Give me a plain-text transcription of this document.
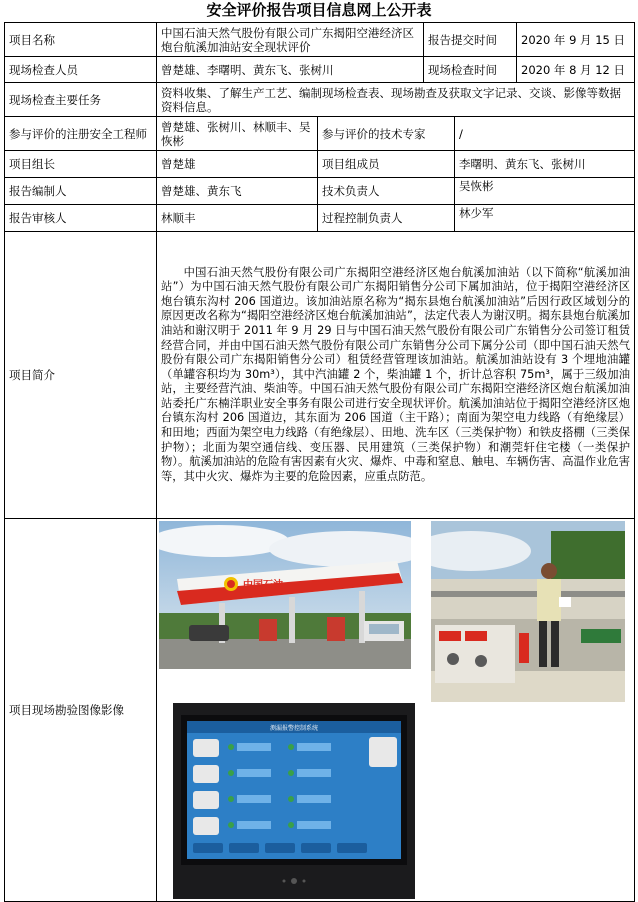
安全评价报告项目信息网上公开表
项目名称	中国石油天然气股份有限公司广东揭阳空港经济区炮台航溪加油站安全现状评价		报告提交时间		2020 年 9 月 15 日
现场检查人员	曾楚雄、李曙明、黄东飞、张树川		现场检查时间		2020 年 8 月 12 日
现场检查主要任务	资料收集、了解生产工艺、编制现场检查表、现场勘查及获取文字记录、交谈、影像等数据资料信息。				
参与评价的注册安全工程师	曾楚雄、张树川、林顺丰、吴恢彬	参与评价的技术专家		/	
项目组长	曾楚雄	项目组成员		李曙明、黄东飞、张树川	
报告编制人	曾楚雄、黄东飞	技术负责人		吴恢彬	
报告审核人	林顺丰	过程控制负责人		林少军	
项目简介	中国石油天然气股份有限公司广东揭阳空港经济区炮台航溪加油站（以下简称“航溪加油站”）为中国石油天然气股份有限公司广东揭阳销售分公司下属加油站，位于揭阳空港经济区炮台镇东沟村 206 国道边。该加油站原名称为“揭东县炮台航溪加油站”后因行政区域划分的原因更改名称为“揭阳空港经济区炮台航溪加油站”，法定代表人为谢汉明。揭东县炮台航溪加油站和谢汉明于 2011 年 9 月 29 日与中国石油天然气股份有限公司广东销售分公司签订租赁经营合同，并由中国石油天然气股份有限公司广东销售分公司下属分公司（即中国石油天然气股份有限公司广东揭阳销售分公司）租赁经营管理该加油站。航溪加油站设有 3 个埋地油罐（单罐容积均为 30m³），其中汽油罐 2 个，柴油罐 1 个，折计总容积 75m³，属于三级加油站，主要经营汽油、柴油等。中国石油天然气股份有限公司广东揭阳空港经济区炮台航溪加油站委托广东楠洋职业安全事务有限公司进行安全现状评价。航溪加油站位于揭阳空港经济区炮台镇东沟村 206 国道边，其东面为 206 国道（主干路）；南面为架空电力线路（有绝缘层）和田地；西面为架空电力线路（有绝缘层）、田地、洗车区（三类保护物）和铁皮搭棚（三类保护物）；北面为架空通信线、变压器、民用建筑（三类保护物）和潮莞轩住宅楼（一类保护物）。航溪加油站的危险有害因素有火灾、爆炸、中毒和窒息、触电、车辆伤害、高温作业危害等，其中火灾、爆炸为主要的危险因素，应重点防范。				
项目现场勘验图像影像	中国石油
测漏报警控制系统				
